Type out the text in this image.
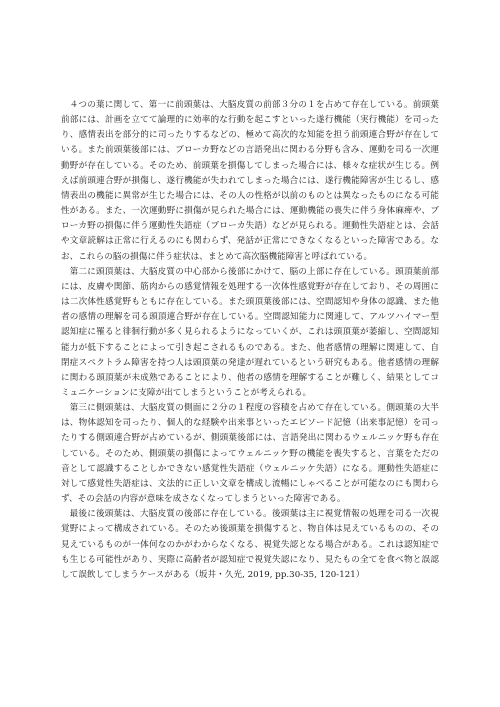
４つの葉に関して、第一に前頭葉は、大脳皮質の前部３分の１を占めて存在している。前頭葉前部には、計画を立てて論理的に効率的な行動を起こすといった遂行機能（実行機能）を司ったり、感情表出を部分的に司ったりするなどの、極めて高次的な知能を担う前頭連合野が存在している。また前頭葉後部には、ブローカ野などの言語発出に関わる分野も含み、運動を司る一次運動野が存在している。そのため、前頭葉を損傷してしまった場合には、様々な症状が生じる。例えば前頭連合野が損傷し、遂行機能が失われてしまった場合には、遂行機能障害が生じるし、感情表出の機能に異常が生じた場合には、その人の性格が以前のものとは異なったものになる可能性がある。また、一次運動野に損傷が見られた場合には、運動機能の喪失に伴う身体麻痺や、ブローカ野の損傷に伴う運動性失語症（ブローカ失語）などが見られる。運動性失語症とは、会話や文章読解は正常に行えるのにも関わらず、発話が正常にできなくなるといった障害である。なお、これらの脳の損傷に伴う症状は、まとめて高次脳機能障害と呼ばれている。

第二に頭頂葉は、大脳皮質の中心部から後部にかけて、脳の上部に存在している。頭頂葉前部には、皮膚や関節、筋肉からの感覚情報を処理する一次体性感覚野が存在しており、その周囲には二次体性感覚野もともに存在している。また頭頂葉後部には、空間認知や身体の認識、また他者の感情の理解を司る頭頂連合野が存在している。空間認知能力に関連して、アルツハイマー型認知症に罹ると徘徊行動が多く見られるようになっていくが、これは頭頂葉が萎縮し、空間認知能力が低下することによって引き起こされるものである。また、他者感情の理解に関連して、自閉症スペクトラム障害を持つ人は頭頂葉の発達が遅れているという研究もある。他者感情の理解に関わる頭頂葉が未成熟であることにより、他者の感情を理解することが難しく、結果としてコミュニケーションに支障が出てしまうということが考えられる。

第三に側頭葉は、大脳皮質の側面に２分の１程度の容積を占めて存在している。側頭葉の大半は、物体認知を司ったり、個人的な経験や出来事といったエピソード記憶（出来事記憶）を司ったりする側頭連合野が占めているが、側頭葉後部には、言語発出に関わるウェルニッケ野も存在している。そのため、側頭葉の損傷によってウェルニッケ野の機能を喪失すると、言葉をただの音として認識することしかできない感覚性失語症（ウェルニッケ失語）になる。運動性失語症に対して感覚性失語症は、文法的に正しい文章を構成し流暢にしゃべることが可能なのにも関わらず、その会話の内容が意味を成さなくなってしまうといった障害である。

最後に後頭葉は、大脳皮質の後部に存在している。後頭葉は主に視覚情報の処理を司る一次視覚野によって構成されている。そのため後頭葉を損傷すると、物自体は見えているものの、その見えているものが一体何なのかがわからなくなる、視覚失認となる場合がある。これは認知症でも生じる可能性があり、実際に高齢者が認知症で視覚失認になり、見たもの全てを食べ物と誤認して誤飲してしまうケースがある（坂井・久光, 2019, pp.30-35, 120-121）
